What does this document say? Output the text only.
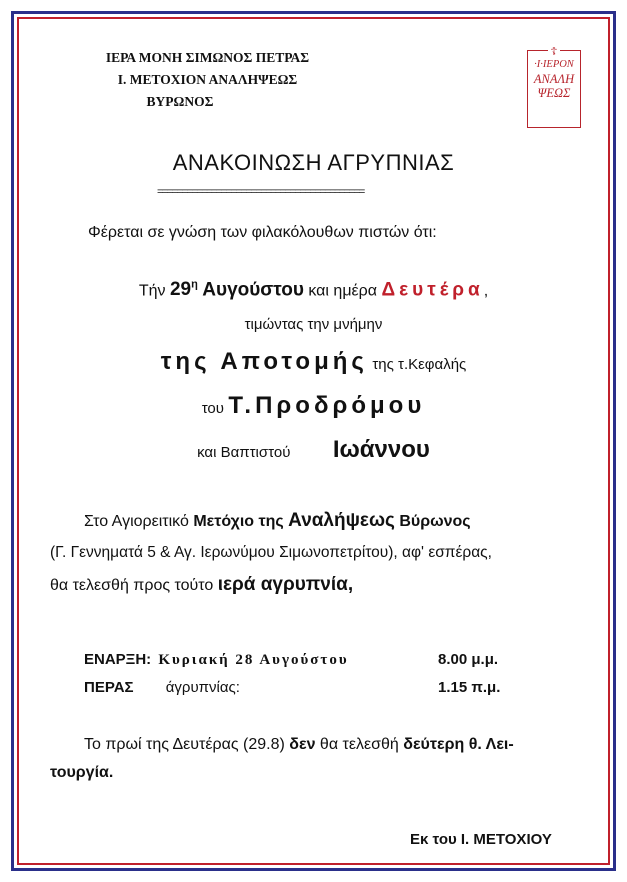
ΙΕΡΑ ΜΟΝΗ ΣΙΜΩΝΟΣ ΠΕΤΡΑΣ
Ι. ΜΕΤΟΧΙΟΝ ΑΝΑΛΗΨΕΩΣ
ΒΥΡΩΝΟΣ
☦
·Ι·ΙΕΡΟΝ
ΑΝΑΛΗ
ΨΕΩΣ
ΑΝΑΚΟΙΝΩΣΗ ΑΓΡΥΠΝΙΑΣ
==========================================
Φέρεται σε γνώση των φιλακόλουθων πιστών ότι:
Τήν $29^\eta$ Αυγούστου και ημέρα Δευτέρα,
τιμώντας την μνήμην
της Αποτομής της τ.Κεφαλής
του Τ.Προδρόμου
και Βαπτιστού Ιωάννου
Στο Αγιορειτικό Μετόχιο της Αναλήψεως Βύρωνος
(Γ. Γεννηματά 5 & Αγ. Ιερωνύμου Σιμωνοπετρίτου), αφ' εσπέρας,
θα τελεσθή προς τούτο ιερά αγρυπνία,
ΕΝΑΡΞΗ: Κυριακή 28 Αυγούστου	8.00 μ.μ.
ΠΕΡΑΣ άγρυπνίας:	1.15 π.μ.
Το πρωί της Δευτέρας (29.8) δεν θα τελεσθή δεύτερη θ. Λει-
τουργία.
Εκ του Ι. ΜΕΤΟΧΙΟΥ
